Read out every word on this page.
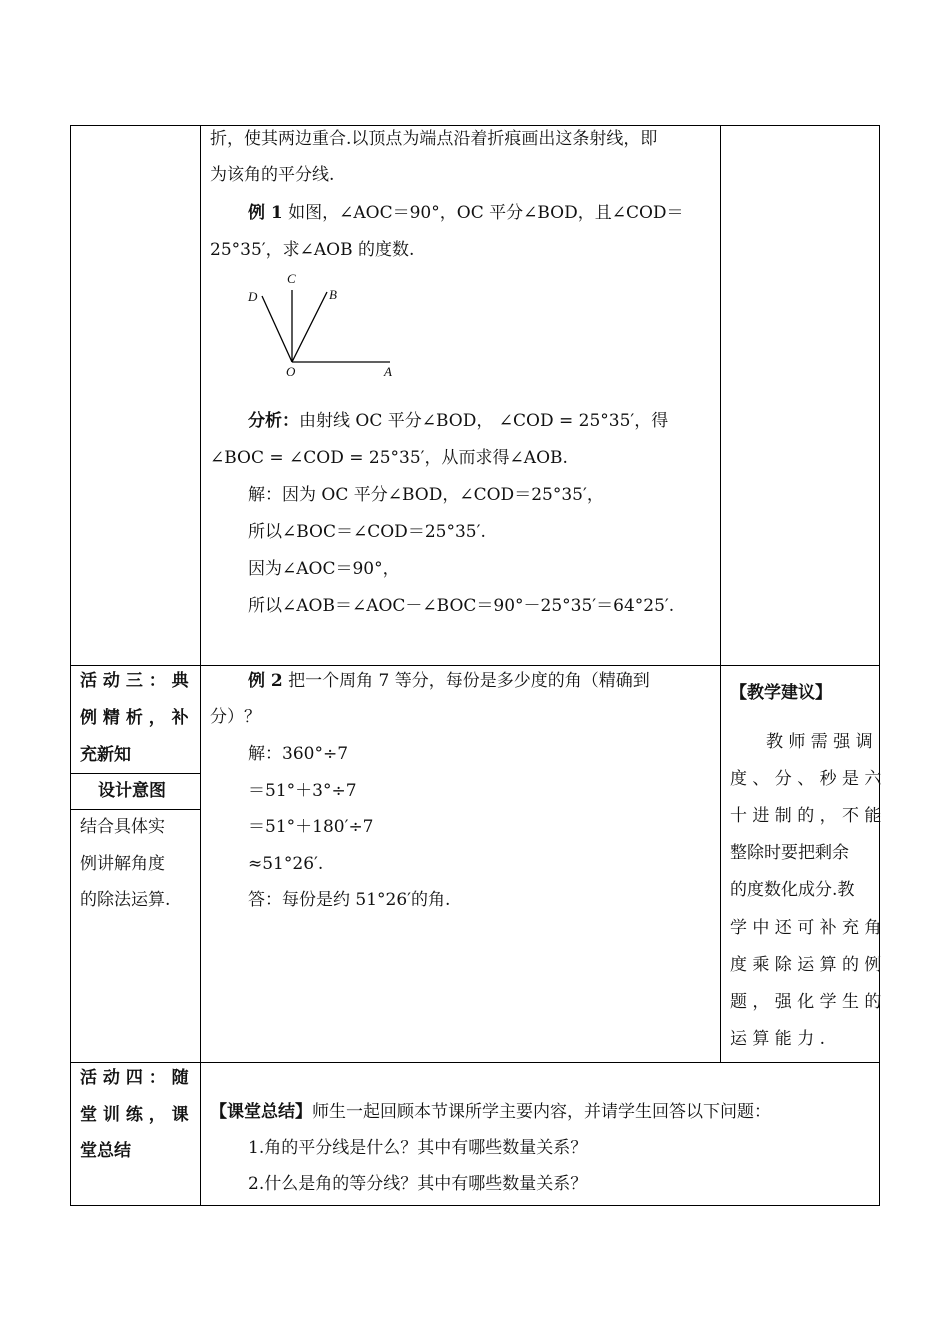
折，使其两边重合.以顶点为端点沿着折痕画出这条射线，即
为该角的平分线.
例 1 如图，∠AOC＝90°，OC 平分∠BOD，且∠COD＝
25°35′，求∠AOB 的度数.
C
D	B
O	A
分析：由射线 OC 平分∠BOD， ∠COD = 25°35′，得
∠BOC = ∠COD = 25°35′，从而求得∠AOB.
解：因为 OC 平分∠BOD，∠COD＝25°35′，
所以∠BOC＝∠COD＝25°35′.
因为∠AOC＝90°，
所以∠AOB＝∠AOC－∠BOC＝90°－25°35′＝64°25′.
活 动 三 ： 典
例 精 析 ， 补
充新知
设计意图
结合具体实
例讲解角度
的除法运算.
例 2 把一个周角 7 等分，每份是多少度的角（精确到
分）？
解：360°÷7
＝51°＋3°÷7
＝51°＋180′÷7
≈51°26′.
答：每份是约 51°26′的角.
【教学建议】
教 师 需 强 调
度 、 分 、 秒 是 六
十 进 制 的 ， 不 能
整除时要把剩余
的度数化成分.教
学 中 还 可 补 充 角
度 乘 除 运 算 的 例
题 ， 强 化 学 生 的
运 算 能 力 .
活 动 四 ： 随
堂 训 练 ， 课
堂总结
【课堂总结】师生一起回顾本节课所学主要内容，并请学生回答以下问题：
1.角的平分线是什么？其中有哪些数量关系？
2.什么是角的等分线？其中有哪些数量关系？
